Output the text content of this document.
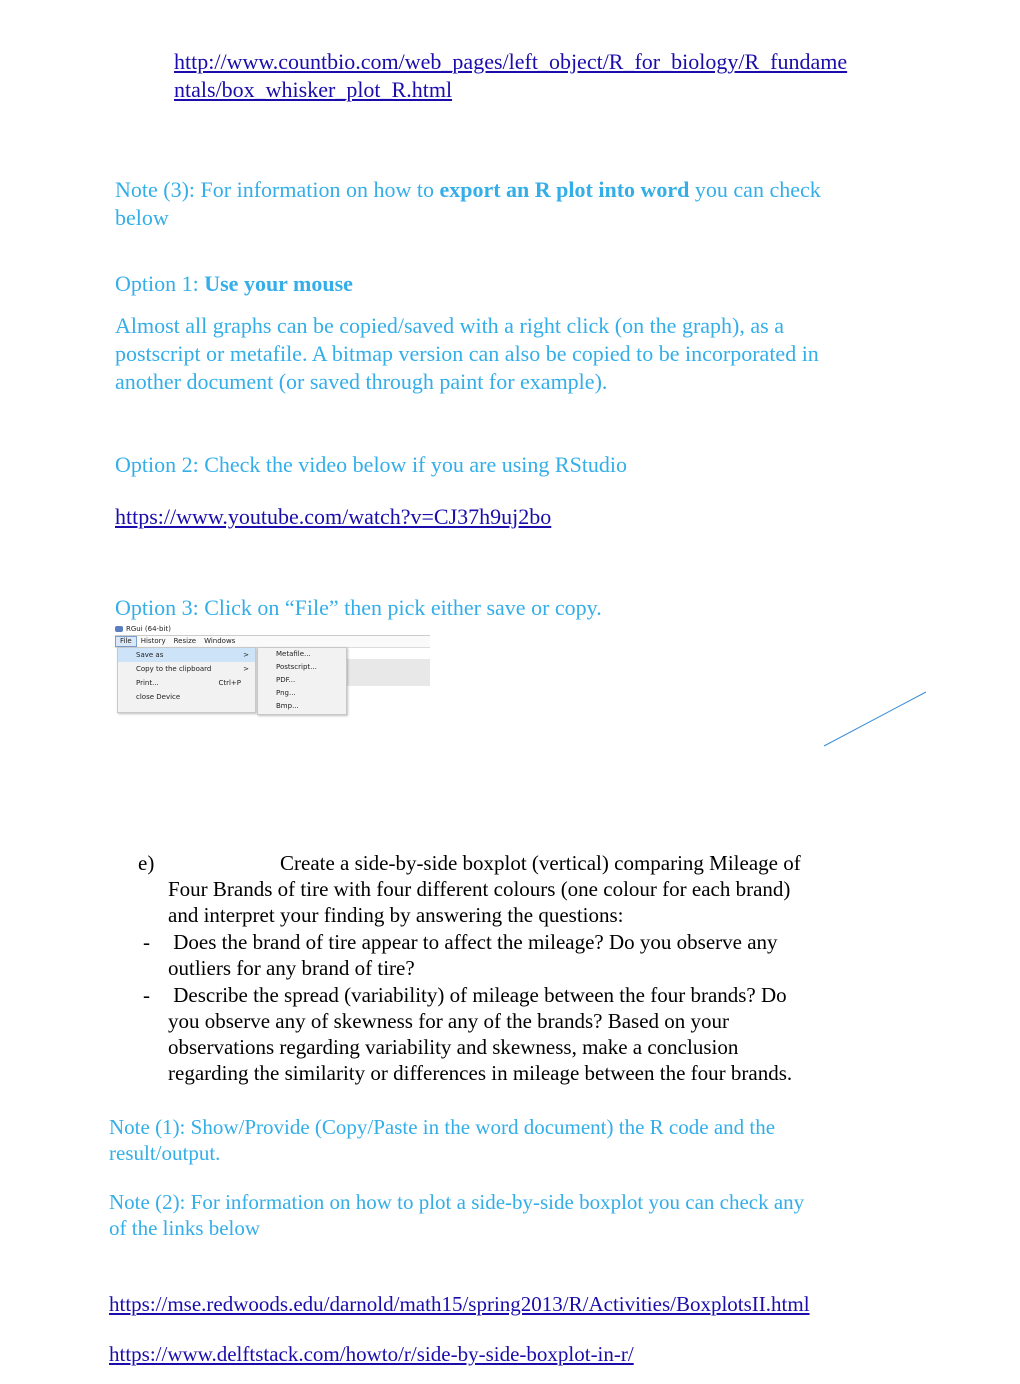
http://www.countbio.com/web_pages/left_object/R_for_biology/R_fundame
ntals/box_whisker_plot_R.html
Note (3): For information on how to export an R plot into word you can check
below
Option 1: Use your mouse
Almost all graphs can be copied/saved with a right click (on the graph), as a
postscript or metafile. A bitmap version can also be copied to be incorporated in
another document (or saved through paint for example).
Option 2: Check the video below if you are using RStudio
https://www.youtube.com/watch?v=CJ37h9uj2bo
Option 3: Click on “File” then pick either save or copy.
RGui (64-bit)
File	History	Resize	Windows
Save as	>
Copy to the clipboard	>
Print...	Ctrl+P
close Device
Metafile...
Postscript...
PDF...
Png...
Bmp...
e)	Create a side-by-side boxplot (vertical) comparing Mileage of
Four Brands of tire with four different colours (one colour for each brand)
and interpret your finding by answering the questions:
- Does the brand of tire appear to affect the mileage? Do you observe any
outliers for any brand of tire?
- Describe the spread (variability) of mileage between the four brands? Do
you observe any of skewness for any of the brands? Based on your
observations regarding variability and skewness, make a conclusion
regarding the similarity or differences in mileage between the four brands.
Note (1): Show/Provide (Copy/Paste in the word document) the R code and the
result/output.
Note (2): For information on how to plot a side-by-side boxplot you can check any
of the links below
https://mse.redwoods.edu/darnold/math15/spring2013/R/Activities/BoxplotsII.html
https://www.delftstack.com/howto/r/side-by-side-boxplot-in-r/
